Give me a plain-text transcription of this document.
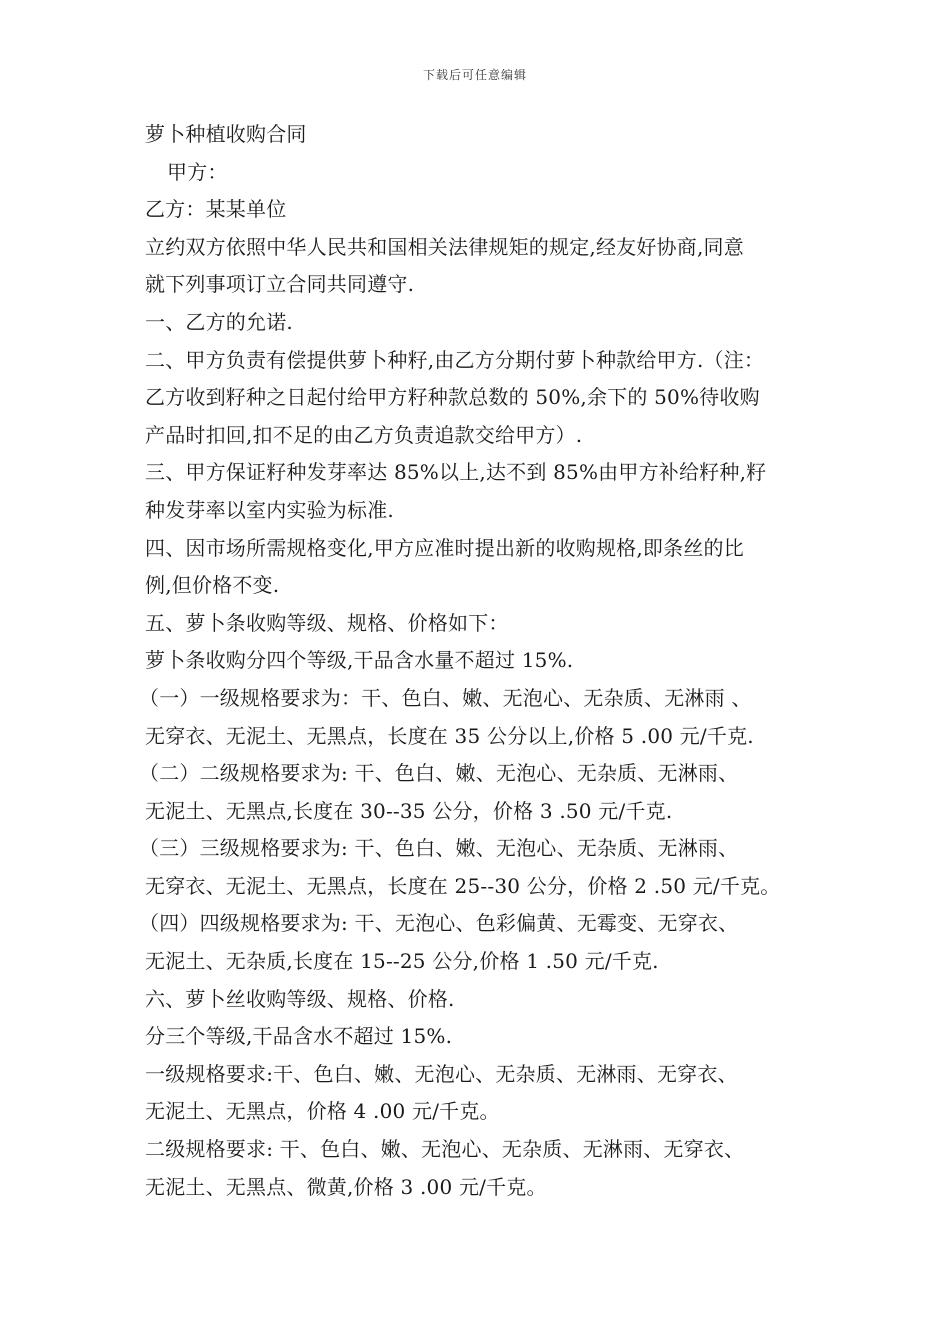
下载后可任意编辑
萝卜种植收购合同
甲方：
乙方：某某单位
立约双方依照中华人民共和国相关法律规矩的规定,经友好协商,同意
就下列事项订立合同共同遵守.
一、乙方的允诺.
二、甲方负责有偿提供萝卜种籽,由乙方分期付萝卜种款给甲方.（注：
乙方收到籽种之日起付给甲方籽种款总数的 50%,余下的 50%待收购
产品时扣回,扣不足的由乙方负责追款交给甲方）.
三、甲方保证籽种发芽率达 85%以上,达不到 85%由甲方补给籽种,籽
种发芽率以室内实验为标准.
四、因市场所需规格变化,甲方应准时提出新的收购规格,即条丝的比
例,但价格不变.
五、萝卜条收购等级、规格、价格如下：
萝卜条收购分四个等级,干品含水量不超过 15%.
（一）一级规格要求为：干、色白、嫩、无泡心、无杂质、无淋雨 、
无穿衣、无泥土、无黑点，长度在 35 公分以上,价格 5 .00 元/千克.
（二）二级规格要求为: 干、色白、嫩、无泡心、无杂质、无淋雨、
无泥土、无黑点,长度在 30--35 公分，价格 3 .50 元/千克.
（三）三级规格要求为: 干、色白、嫩、无泡心、无杂质、无淋雨、
无穿衣、无泥土、无黑点，长度在 25--30 公分，价格 2 .50 元/千克。
（四）四级规格要求为: 干、无泡心、色彩偏黄、无霉变、无穿衣、
无泥土、无杂质,长度在 15--25 公分,价格 1 .50 元/千克.
六、萝卜丝收购等级、规格、价格.
分三个等级,干品含水不超过 15%.
一级规格要求:干、色白、嫩、无泡心、无杂质、无淋雨、无穿衣、
无泥土、无黑点，价格 4 .00 元/千克。
二级规格要求: 干、色白、嫩、无泡心、无杂质、无淋雨、无穿衣、
无泥土、无黑点、微黄,价格 3 .00 元/千克。
